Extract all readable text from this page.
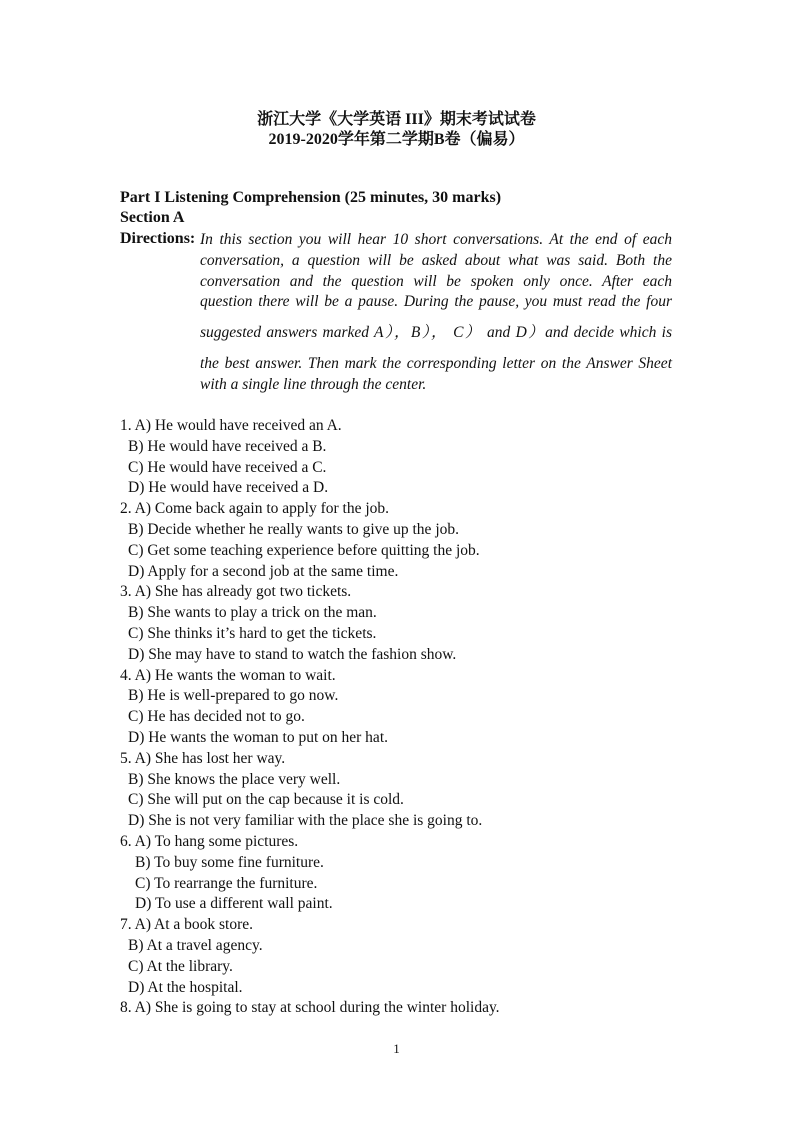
浙江大学《大学英语 III》期末考试试卷
2019-2020学年第二学期B卷（偏易）
Part I Listening Comprehension (25 minutes, 30 marks)
Section A
Directions: In this section you will hear 10 short conversations. At the end of each
conversation, a question will be asked about what was said. Both the
conversation and the question will be spoken only once. After each
question there will be a pause. During the pause, you must read the four
suggested answers marked A），B）， C） and D）and decide which is
the best answer. Then mark the corresponding letter on the Answer Sheet
with a single line through the center.
1. A) He would have received an A.
B) He would have received a B.
C) He would have received a C.
D) He would have received a D.
2. A) Come back again to apply for the job.
B) Decide whether he really wants to give up the job.
C) Get some teaching experience before quitting the job.
D) Apply for a second job at the same time.
3. A) She has already got two tickets.
B) She wants to play a trick on the man.
C) She thinks it’s hard to get the tickets.
D) She may have to stand to watch the fashion show.
4. A) He wants the woman to wait.
B) He is well-prepared to go now.
C) He has decided not to go.
D) He wants the woman to put on her hat.
5. A) She has lost her way.
B) She knows the place very well.
C) She will put on the cap because it is cold.
D) She is not very familiar with the place she is going to.
6. A) To hang some pictures.
B) To buy some fine furniture.
C) To rearrange the furniture.
D) To use a different wall paint.
7. A) At a book store.
B) At a travel agency.
C) At the library.
D) At the hospital.
8. A) She is going to stay at school during the winter holiday.
1
